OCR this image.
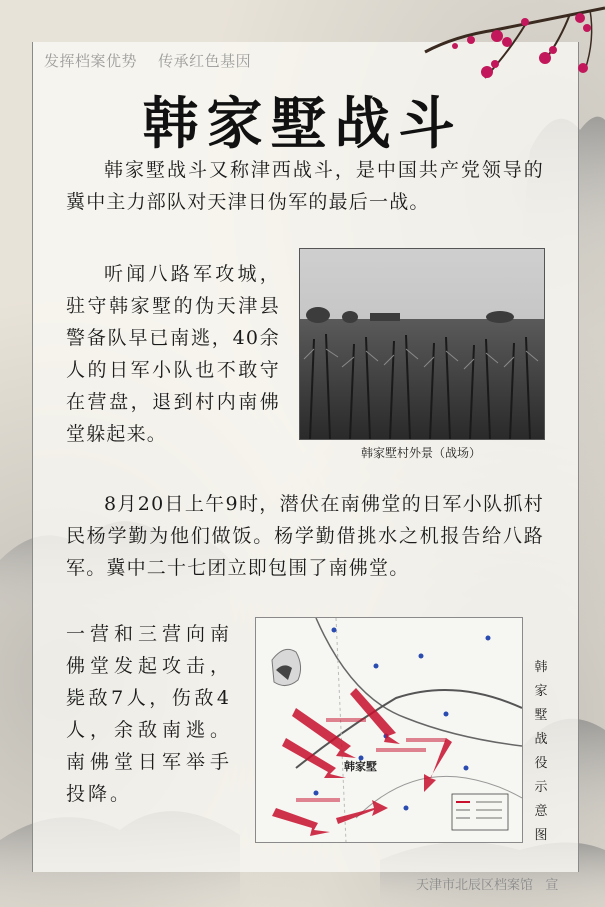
发挥档案优势    传承红色基因
韩家墅战斗

韩家墅战斗又称津西战斗，是中国共产党领导的冀中主力部队对天津日伪军的最后一战。

听闻八路军攻城，驻守韩家墅的伪天津县警备队早已南逃，40余人的日军小队也不敢守在营盘，退到村内南佛堂躲起来。

韩家墅村外景（战场）

8月20日上午9时，潜伏在南佛堂的日军小队抓村民杨学勤为他们做饭。杨学勤借挑水之机报告给八路军。冀中二十七团立即包围了南佛堂。

一营和三营向南佛堂发起攻击，毙敌7人，伤敌4人，余敌南逃。南佛堂日军举手投降。

韩家墅
韩家墅战役示意图
天津市北辰区档案馆   宣
